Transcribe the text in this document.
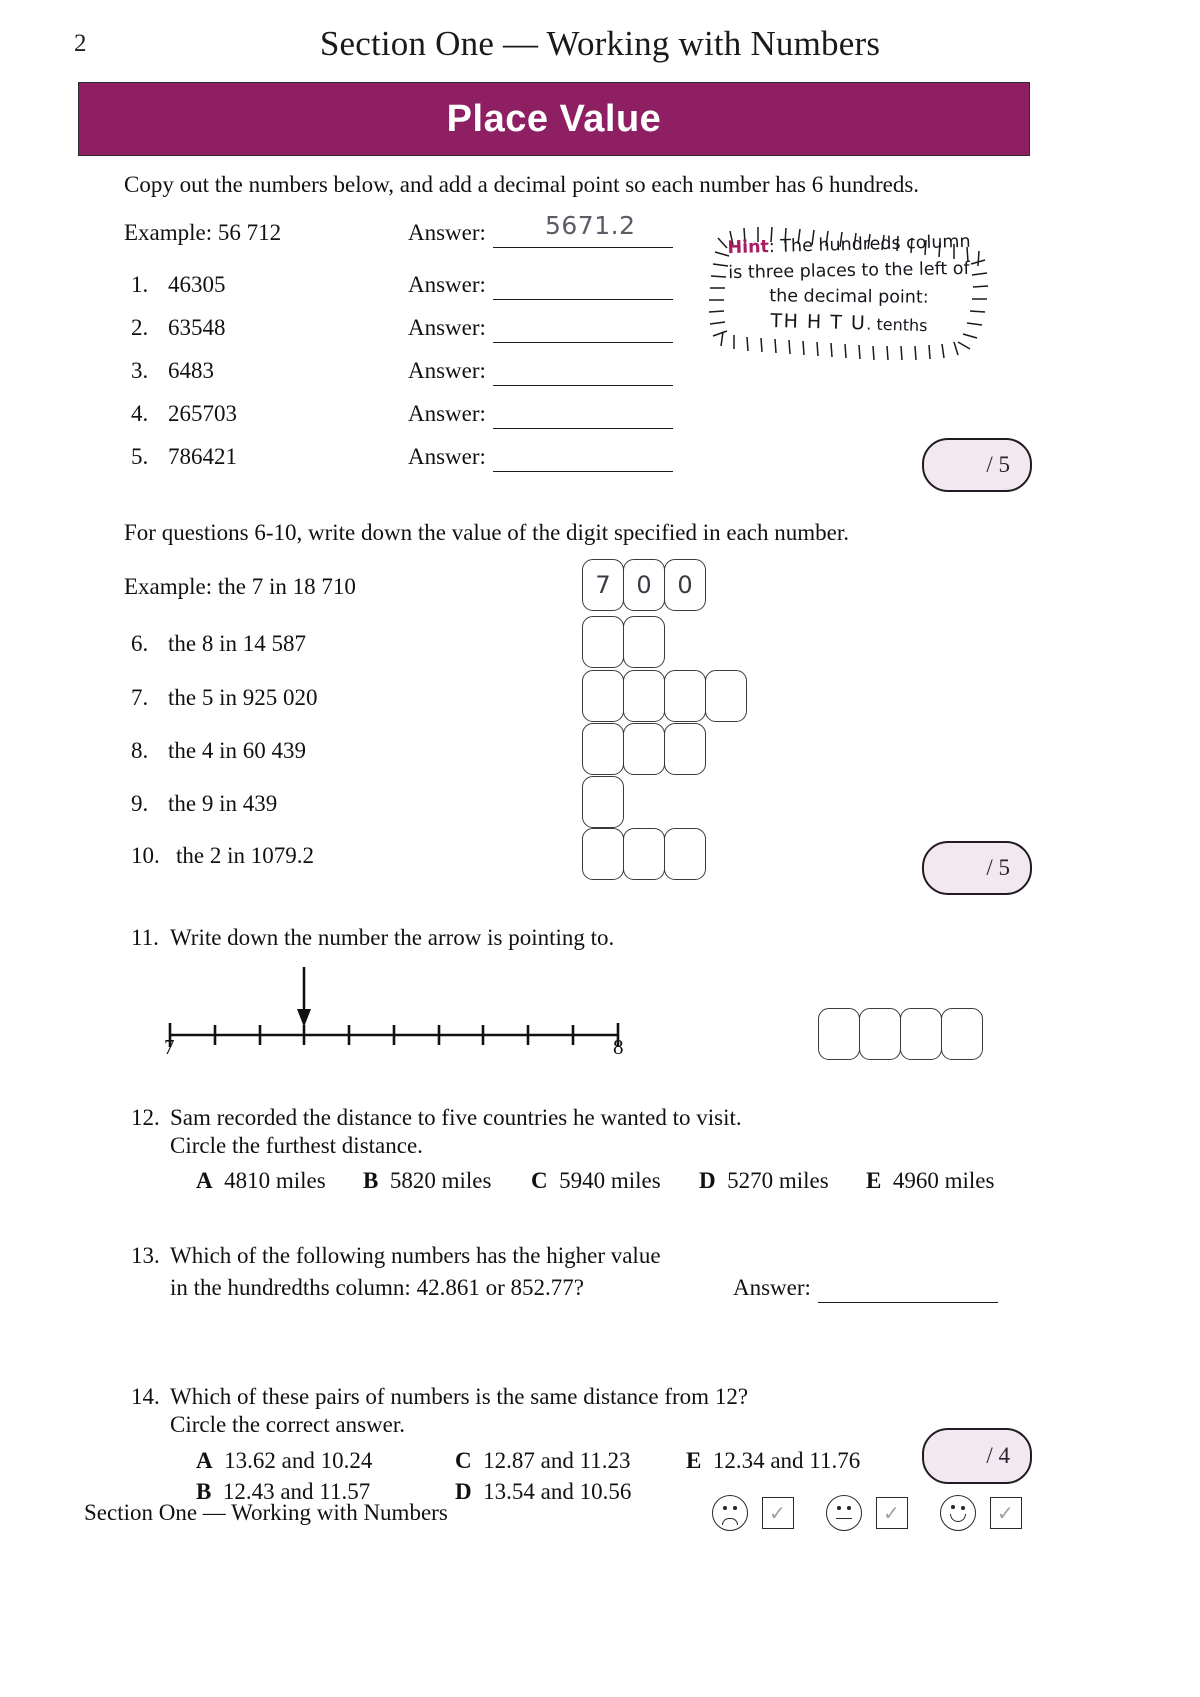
2	Section One — Working with Numbers
Place Value
Copy out the numbers below, and add a decimal point so each number has 6 hundreds.
Example: 56 712	Answer: 5671.2
1. 46305	Answer:
2. 63548	Answer:
3. 6483	Answer:
4. 265703	Answer:
5. 786421	Answer:
Hint: The hundreds column
is three places to the left of
the decimal point:
TH H T U. tenths
/ 5
For questions 6-10, write down the value of the digit specified in each number.
Example: the 7 in 18 710	7	0	0
6. the 8 in 14 587
7. the 5 in 925 020
8. the 4 in 60 439
9. the 9 in 439
10. the 2 in 1079.2	/ 5
11. Write down the number the arrow is pointing to.
7	8
12. Sam recorded the distance to five countries he wanted to visit.
Circle the furthest distance.
A 4810 miles B 5820 miles C 5940 miles D 5270 miles E 4960 miles
13. Which of the following numbers has the higher value
in the hundredths column: 42.861 or 852.77?	Answer:
14. Which of these pairs of numbers is the same distance from 12?
Circle the correct answer.
A 13.62 and 10.24
B 12.43 and 11.57
C 12.87 and 11.23
D 13.54 and 10.56
E 12.34 and 11.76	/ 4
Section One — Working with Numbers	✓	✓	✓
